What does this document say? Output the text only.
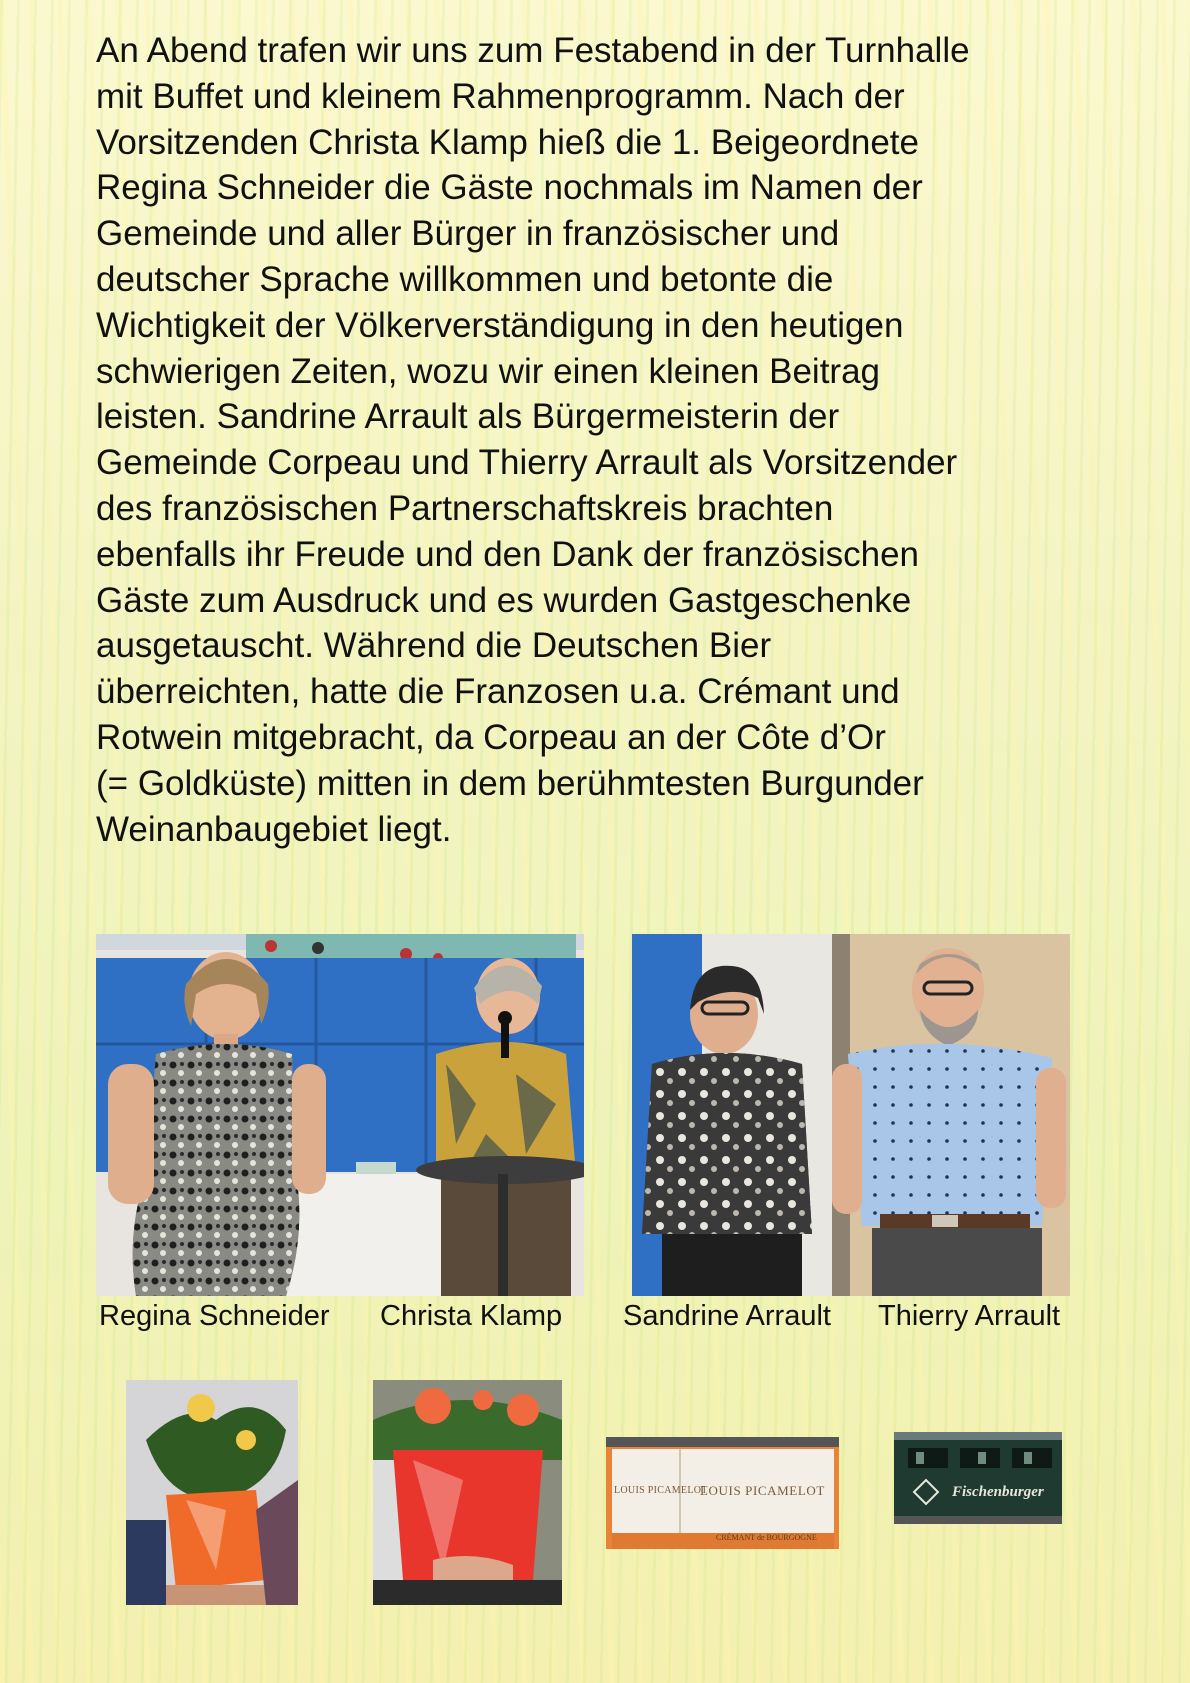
An Abend trafen wir uns zum Festabend in der Turnhalle
mit Buffet und kleinem Rahmenprogramm. Nach der
Vorsitzenden Christa Klamp hieß die 1. Beigeordnete
Regina Schneider die Gäste nochmals im Namen der
Gemeinde und aller Bürger in französischer und
deutscher Sprache willkommen und betonte die
Wichtigkeit der Völkerverständigung in den heutigen
schwierigen Zeiten, wozu wir einen kleinen Beitrag
leisten. Sandrine Arrault als Bürgermeisterin der
Gemeinde Corpeau und Thierry Arrault als Vorsitzender
des französischen Partnerschaftskreis brachten
ebenfalls ihr Freude und den Dank der französischen
Gäste zum Ausdruck und es wurden Gastgeschenke
ausgetauscht. Während die Deutschen Bier
überreichten, hatte die Franzosen u.a. Crémant und
Rotwein mitgebracht, da Corpeau an der Côte d’Or
(= Goldküste) mitten in dem berühmtesten Burgunder
Weinanbaugebiet liegt.

Regina Schneider Christa Klamp Sandrine Arrault Thierry Arrault
LOUIS PICAMELOT
LOUIS PICAMELOT
CRÉMANT de BOURGOGNE
Fischenburger
